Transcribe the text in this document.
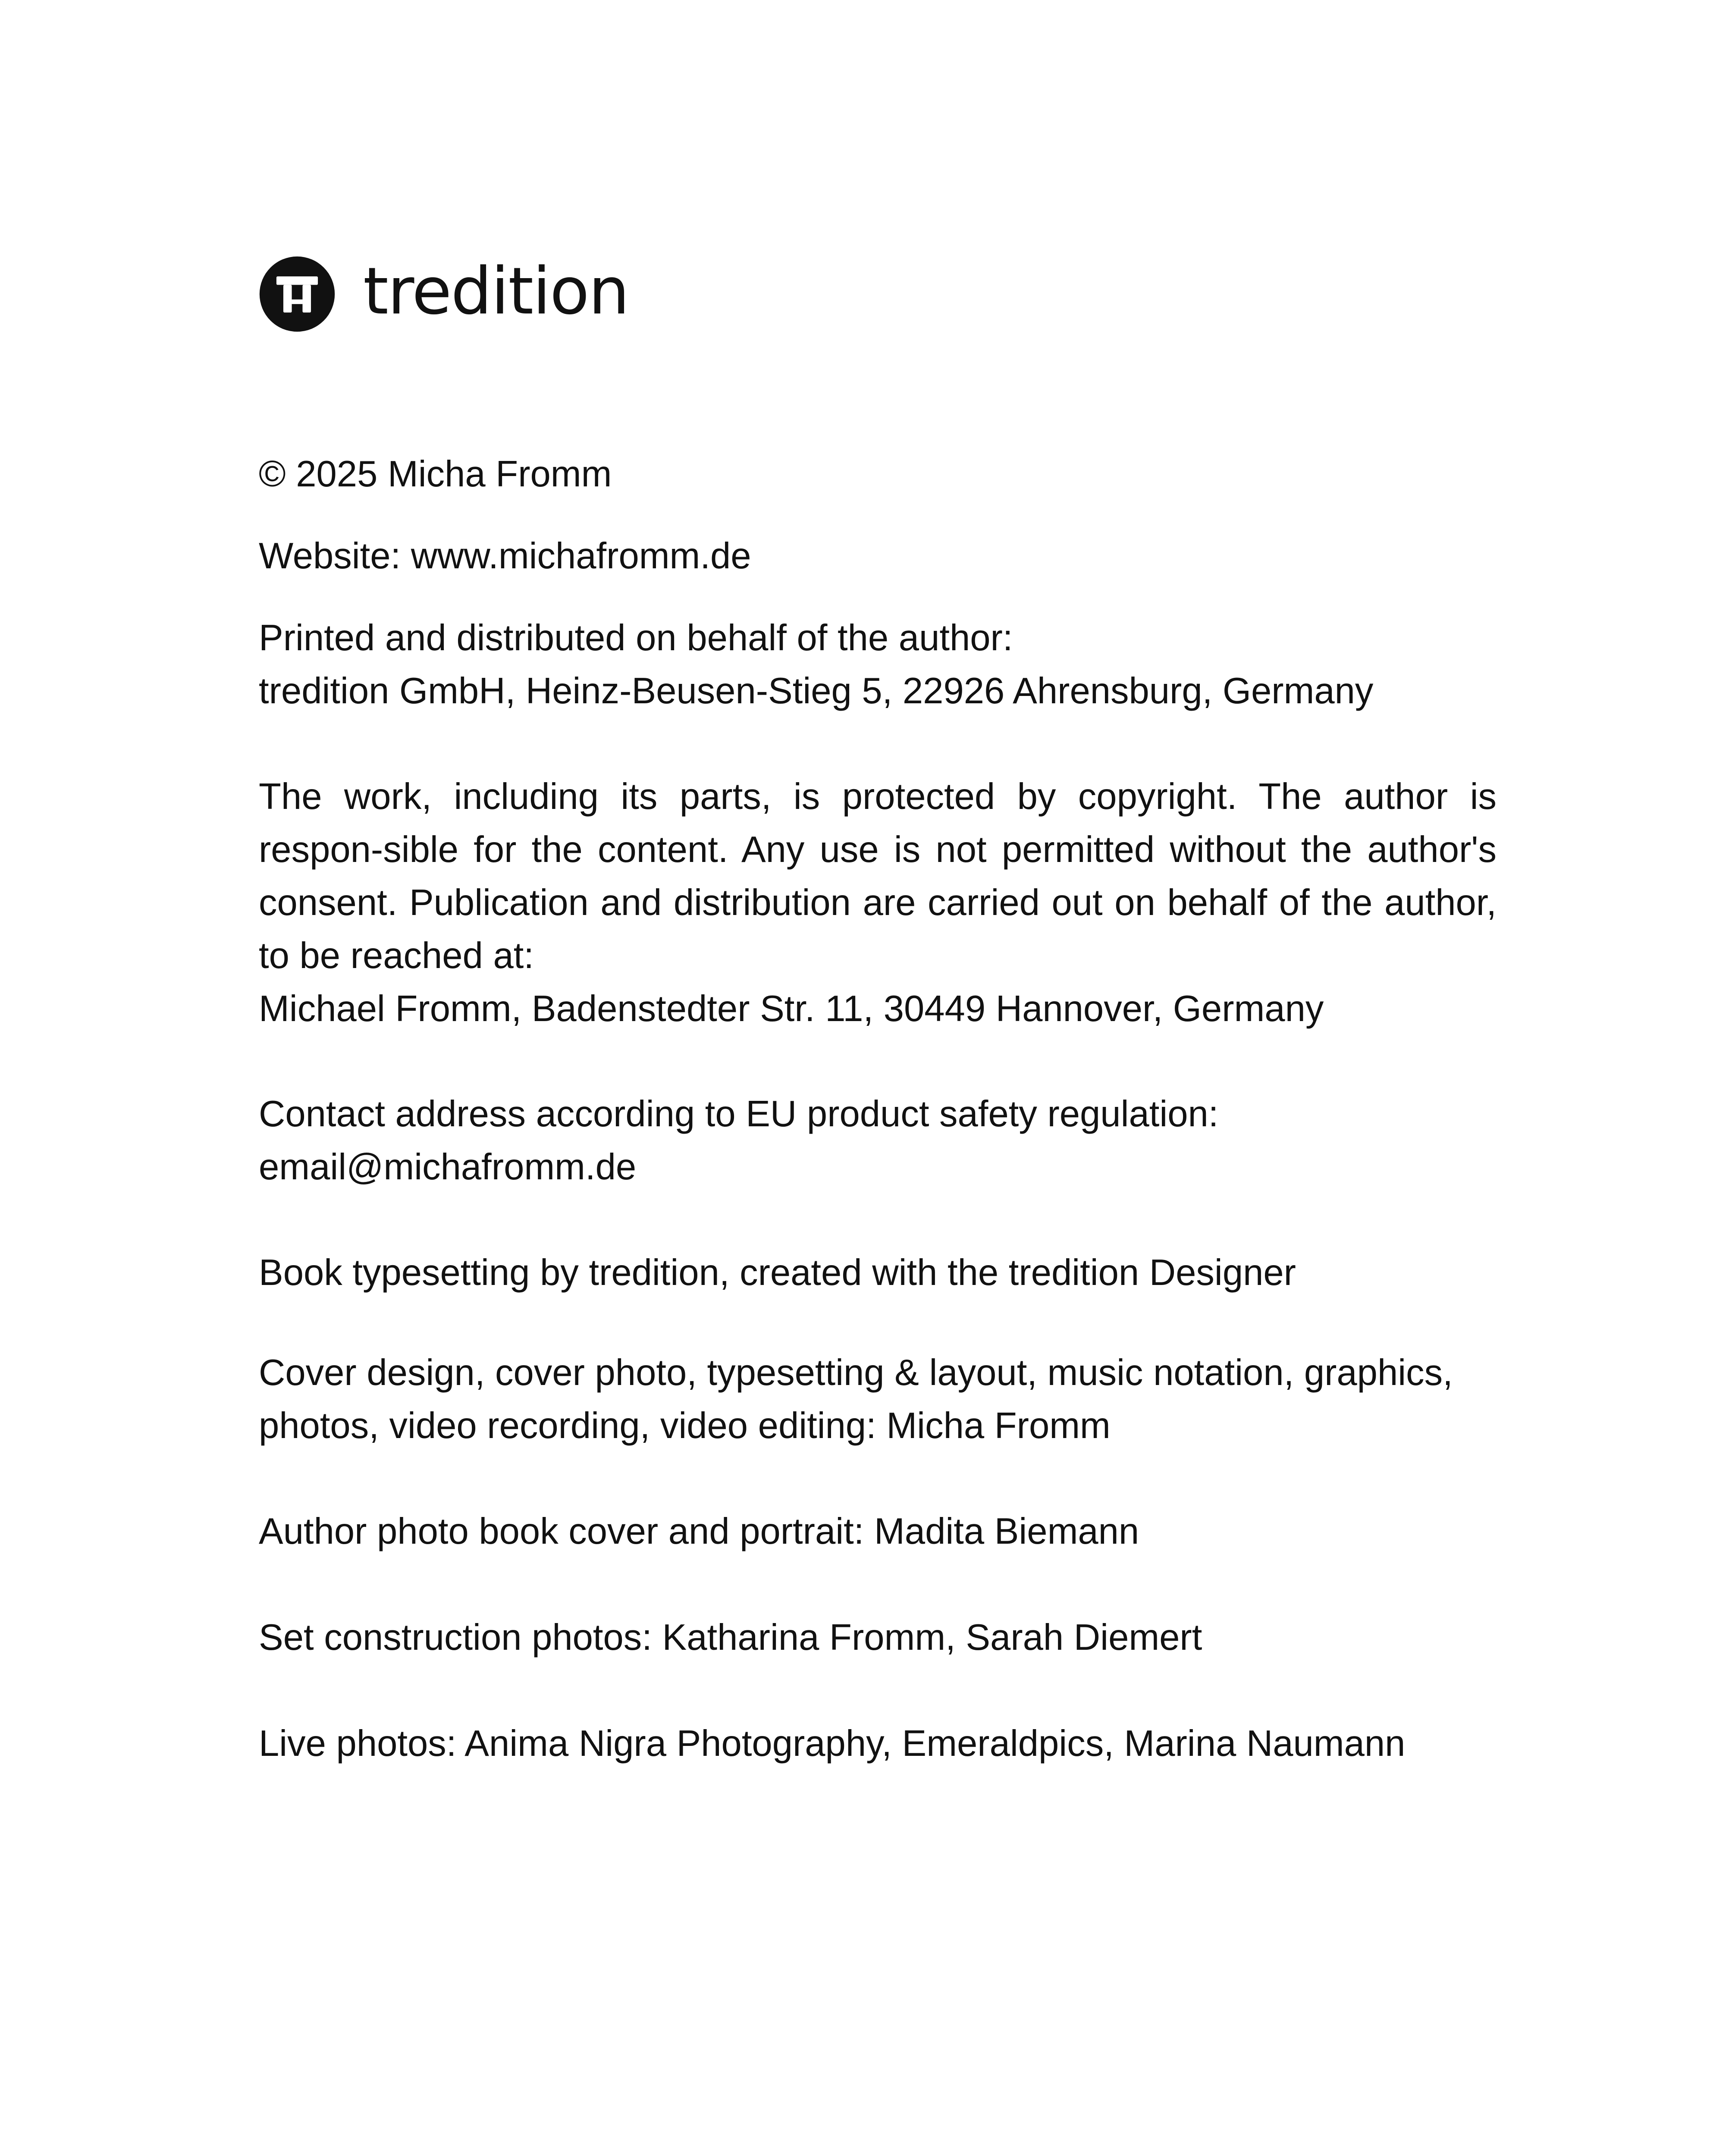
tredition

© 2025 Micha Fromm

Website: www.michafromm.de

Printed and distributed on behalf of the author:
tredition GmbH, Heinz-Beusen-Stieg 5, 22926 Ahrensburg, Germany

The work, including its parts, is protected by copyright. The author is respon-sible for the content. Any use is not permitted without the author's consent. Publication and distribution are carried out on behalf of the author, to be reached at:
Michael Fromm, Badenstedter Str. 11, 30449 Hannover, Germany

Contact address according to EU product safety regulation:
email@michafromm.de

Book typesetting by tredition, created with the tredition Designer

Cover design, cover photo, typesetting & layout, music notation, graphics, photos, video recording, video editing: Micha Fromm

Author photo book cover and portrait: Madita Biemann

Set construction photos: Katharina Fromm, Sarah Diemert

Live photos: Anima Nigra Photography, Emeraldpics, Marina Naumann
